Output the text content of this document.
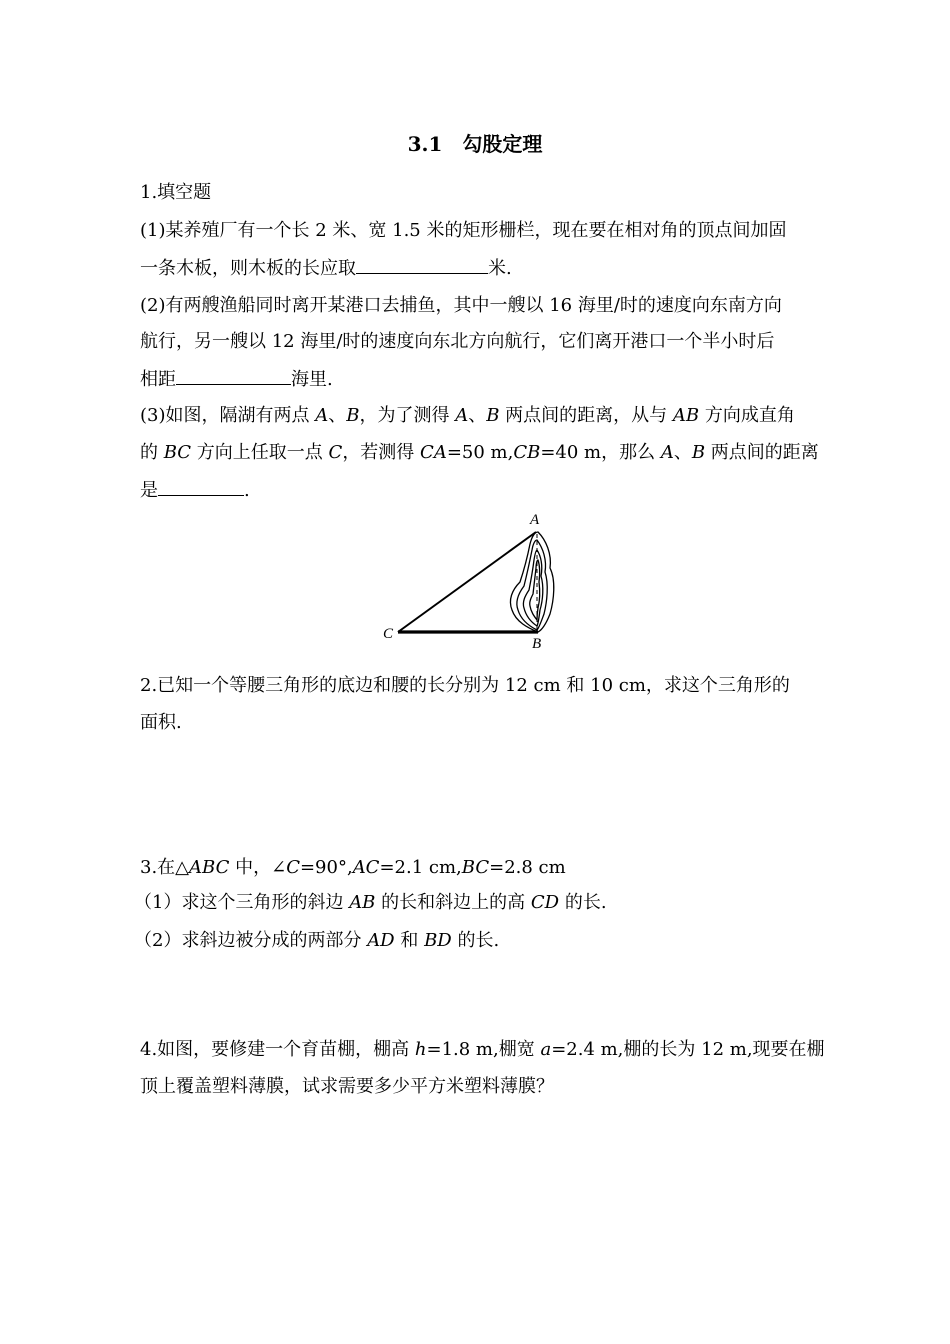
3.1　勾股定理
1.填空题
(1)某养殖厂有一个长 2 米、宽 1.5 米的矩形栅栏，现在要在相对角的顶点间加固
一条木板，则木板的长应取	米.
(2)有两艘渔船同时离开某港口去捕鱼，其中一艘以 16 海里/时的速度向东南方向
航行，另一艘以 12 海里/时的速度向东北方向航行，它们离开港口一个半小时后
相距	海里.
(3)如图，隔湖有两点 A、B，为了测得 A、B 两点间的距离，从与 AB 方向成直角
的 BC 方向上任取一点 C，若测得 CA=50 m,CB=40 m，那么 A、B 两点间的距离
是	.
A
B
C
2.已知一个等腰三角形的底边和腰的长分别为 12 cm 和 10 cm，求这个三角形的
面积.
3.在△ABC 中，∠C=90°,AC=2.1 cm,BC=2.8 cm
（1）求这个三角形的斜边 AB 的长和斜边上的高 CD 的长.
（2）求斜边被分成的两部分 AD 和 BD 的长.
4.如图，要修建一个育苗棚，棚高 h=1.8 m,棚宽 a=2.4 m,棚的长为 12 m,现要在棚
顶上覆盖塑料薄膜，试求需要多少平方米塑料薄膜？
